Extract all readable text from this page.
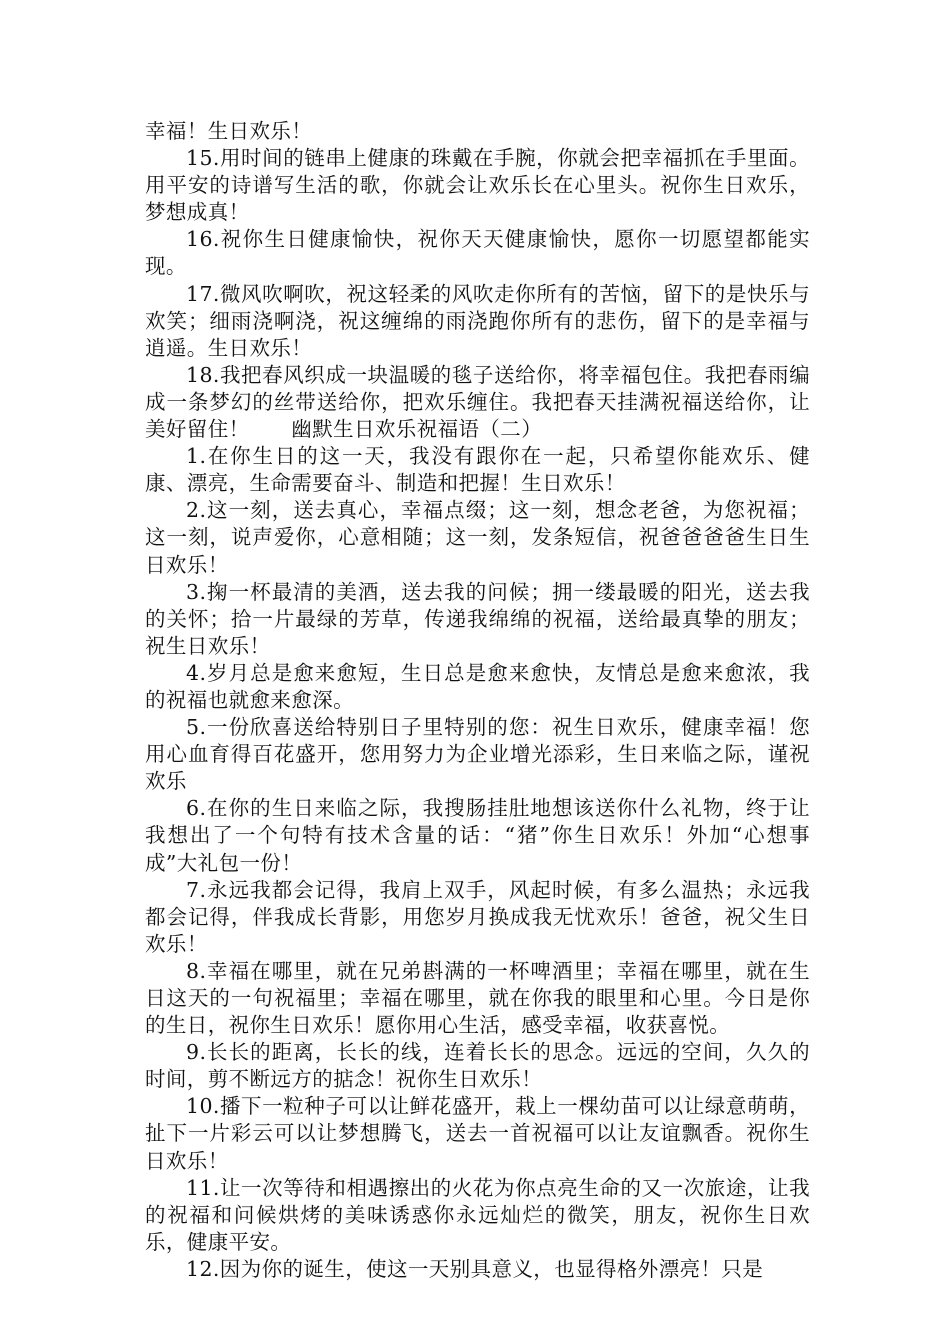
幸福！生日欢乐！

15.用时间的链串上健康的珠戴在手腕，你就会把幸福抓在手里面。用平安的诗谱写生活的歌，你就会让欢乐长在心里头。祝你生日欢乐，梦想成真！

16.祝你生日健康愉快，祝你天天健康愉快，愿你一切愿望都能实现。

17.微风吹啊吹，祝这轻柔的风吹走你所有的苦恼，留下的是快乐与欢笑；细雨浇啊浇，祝这缠绵的雨浇跑你所有的悲伤，留下的是幸福与逍遥。生日欢乐！

18.我把春风织成一块温暖的毯子送给你，将幸福包住。我把春雨编成一条梦幻的丝带送给你，把欢乐缠住。我把春天挂满祝福送给你，让美好留住！　　幽默生日欢乐祝福语（二）

1.在你生日的这一天，我没有跟你在一起，只希望你能欢乐、健康、漂亮，生命需要奋斗、制造和把握！生日欢乐！

2.这一刻，送去真心，幸福点缀；这一刻，想念老爸，为您祝福；这一刻，说声爱你，心意相随；这一刻，发条短信，祝爸爸爸爸生日生日欢乐！

3.掬一杯最清的美酒，送去我的问候；拥一缕最暖的阳光，送去我的关怀；拾一片最绿的芳草，传递我绵绵的祝福，送给最真挚的朋友；祝生日欢乐！

4.岁月总是愈来愈短，生日总是愈来愈快，友情总是愈来愈浓，我的祝福也就愈来愈深。

5.一份欣喜送给特别日子里特别的您：祝生日欢乐，健康幸福！您用心血育得百花盛开，您用努力为企业增光添彩，生日来临之际，谨祝欢乐

6.在你的生日来临之际，我搜肠挂肚地想该送你什么礼物，终于让我想出了一个句特有技术含量的话：“猪”你生日欢乐！外加“心想事成”大礼包一份！

7.永远我都会记得，我肩上双手，风起时候，有多么温热；永远我都会记得，伴我成长背影，用您岁月换成我无忧欢乐！爸爸，祝父生日欢乐！

8.幸福在哪里，就在兄弟斟满的一杯啤酒里；幸福在哪里，就在生日这天的一句祝福里；幸福在哪里，就在你我的眼里和心里。今日是你的生日，祝你生日欢乐！愿你用心生活，感受幸福，收获喜悦。

9.长长的距离，长长的线，连着长长的思念。远远的空间，久久的时间，剪不断远方的掂念！祝你生日欢乐！

10.播下一粒种子可以让鲜花盛开，栽上一棵幼苗可以让绿意萌萌，扯下一片彩云可以让梦想腾飞，送去一首祝福可以让友谊飘香。祝你生日欢乐！

11.让一次等待和相遇擦出的火花为你点亮生命的又一次旅途，让我的祝福和问候烘烤的美味诱惑你永远灿烂的微笑，朋友，祝你生日欢乐，健康平安。

12.因为你的诞生，使这一天别具意义，也显得格外漂亮！只是
